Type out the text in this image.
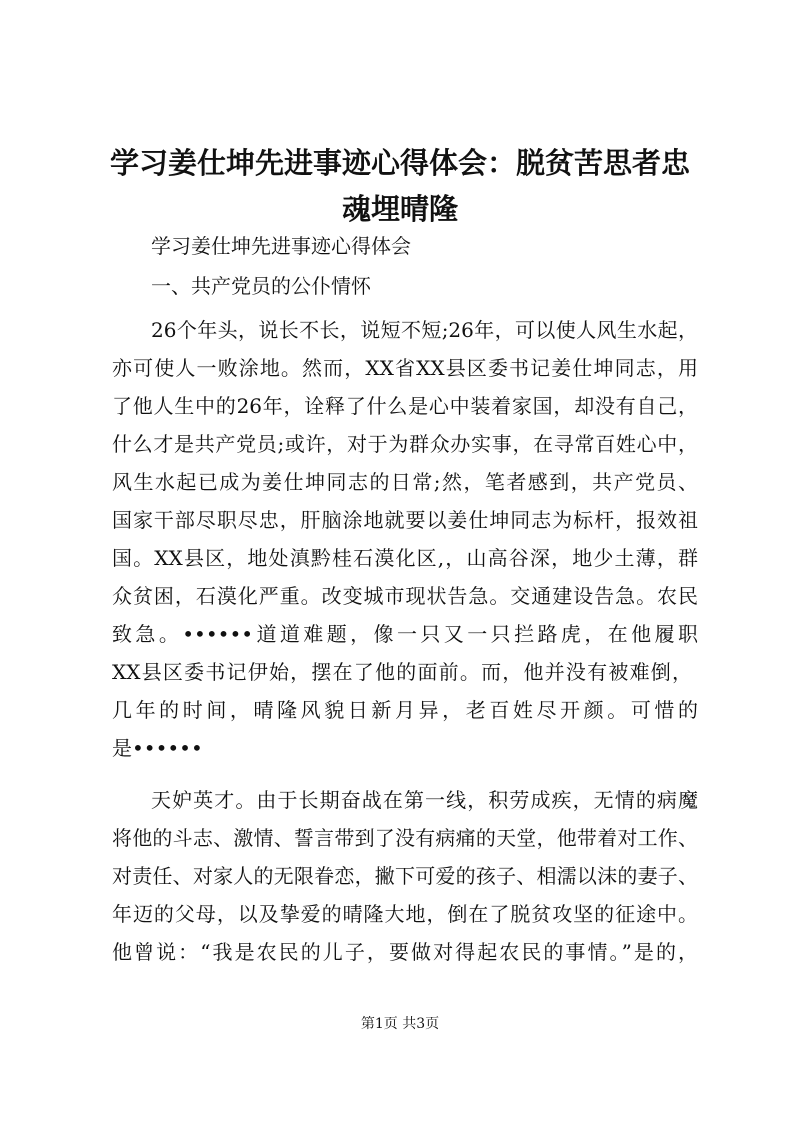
学习姜仕坤先进事迹心得体会：脱贫苦思者忠
魂埋晴隆

学习姜仕坤先进事迹心得体会

一、共产党员的公仆情怀

26个年头，说长不长，说短不短;26年，可以使人风生水起，

亦可使人一败涂地。然而，XX省XX县区委书记姜仕坤同志，用

了他人生中的26年，诠释了什么是心中装着家国，却没有自己，

什么才是共产党员;或许，对于为群众办实事，在寻常百姓心中，

风生水起已成为姜仕坤同志的日常;然，笔者感到，共产党员、

国家干部尽职尽忠，肝脑涂地就要以姜仕坤同志为标杆，报效祖

国。XX县区，地处滇黔桂石漠化区,，山高谷深，地少土薄，群

众贫困，石漠化严重。改变城市现状告急。交通建设告急。农民

致急。••••••道道难题，像一只又一只拦路虎，在他履职

XX县区委书记伊始，摆在了他的面前。而，他并没有被难倒，

几年的时间，晴隆风貌日新月异，老百姓尽开颜。可惜的

是••••••

天妒英才。由于长期奋战在第一线，积劳成疾，无情的病魔

将他的斗志、激情、誓言带到了没有病痛的天堂，他带着对工作、

对责任、对家人的无限眷恋，撇下可爱的孩子、相濡以沫的妻子、

年迈的父母，以及挚爱的晴隆大地，倒在了脱贫攻坚的征途中。

他曾说：“我是农民的儿子，要做对得起农民的事情。”是的，

第1页 共3页
